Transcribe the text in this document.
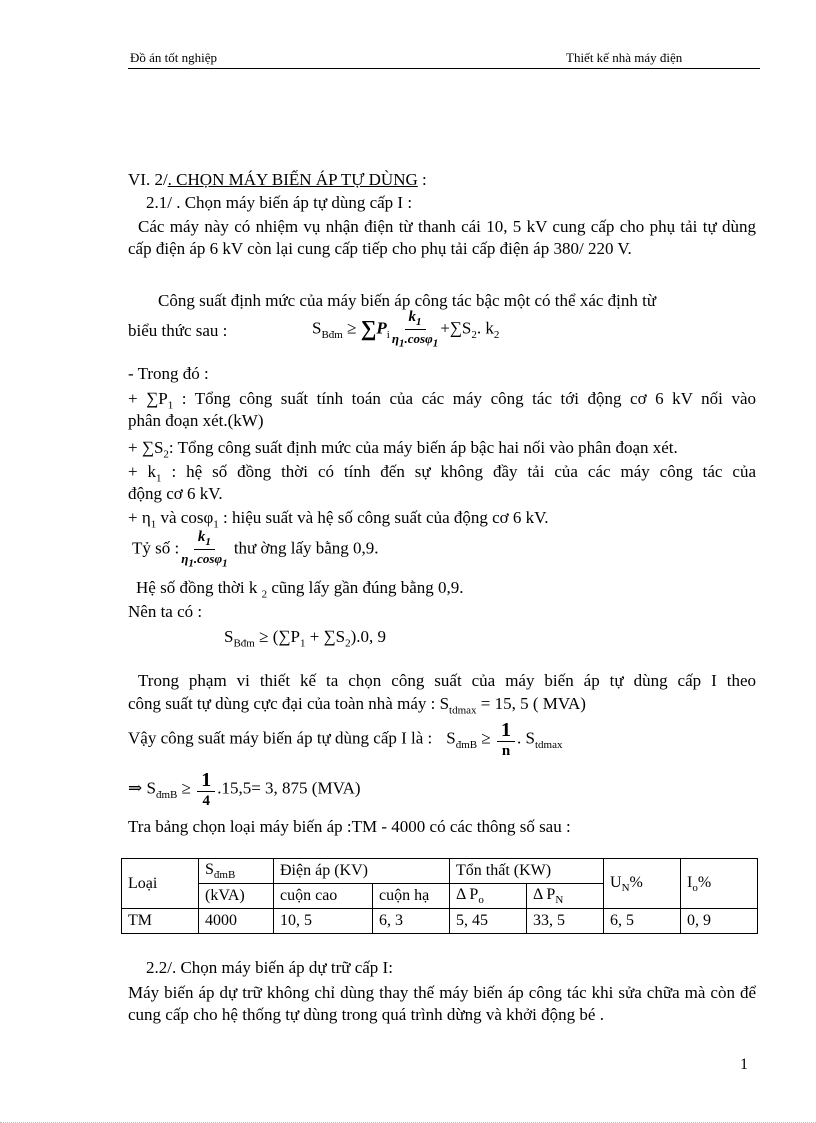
Đồ án tốt nghiệp	Thiết kế nhà máy điện
VI. 2/. CHỌN MÁY BIẾN ÁP TỰ DÙNG :
2.1/ . Chọn máy biến áp tự dùng cấp I :
Các máy này có nhiệm vụ nhận điện từ thanh cái 10, 5 kV cung cấp cho phụ tải tự dùng cấp điện áp 6 kV còn lại cung cấp tiếp cho phụ tải cấp điện áp 380/ 220 V.
Công suất định mức của máy biến áp công tác bậc một có thể xác định từ
biểu thức sau :	$S_{Bđm} \ge \sum P_i \frac{k_1}{\eta_1.\cos\varphi_1} +\sum S_2$. $k_2$
- Trong đó :
+ $\sum P_1$ : Tổng công suất tính toán của các máy công tác tới động cơ 6 kV nối vào
phân đoạn xét.(kW)
+ $\sum S_2$: Tổng công suất định mức của máy biến áp bậc hai nối vào phân đoạn xét.
+ $k_1$ : hệ số đồng thời có tính đến sự không đầy tải của các máy công tác của
động cơ 6 kV.
+ $\eta_1$ và cosφ$_1$ : hiệu suất và hệ số công suất của động cơ 6 kV.
Tỷ số : $\frac{k_1}{\eta_1.\cos\varphi_1}$ thư ờng lấy bằng 0,9.
Hệ số đồng thời k $_2$ cũng lấy gần đúng bằng 0,9.
Nên ta có :
$S_{Bđm} \ge (\sum P_1 + \sum S_2).0$, 9
Trong phạm vi thiết kế ta chọn công suất của máy biến áp tự dùng cấp I theo
công suất tự dùng cực đại của toàn nhà máy : $S_{tdmax} = 15$, 5 ( MVA)
Vậy công suất máy biến áp tự dùng cấp I là : $S_{đmB} \ge \frac{1}{n}$ . $S_{tdmax}$
⇒ $S_{đmB} \ge \frac{1}{4} .15,5= 3$, 875 (MVA)
Tra bảng chọn loại máy biến áp :TM - 4000 có các thông số sau :
Loại	$S_{đmB}$	Điện áp (KV)		Tổn thất (KW)		$U_N\%$	$I_o\%$
	(kVA)	cuộn cao	cuộn hạ	Δ $P_o$	Δ $P_N$
TM	4000	10, 5	6, 3	5, 45	33, 5	6, 5	0, 9
2.2/. Chọn máy biến áp dự trữ cấp I:
Máy biến áp dự trữ không chỉ dùng thay thế máy biến áp công tác khi sửa chữa mà còn để cung cấp cho hệ thống tự dùng trong quá trình dừng và khởi động bé .
1
